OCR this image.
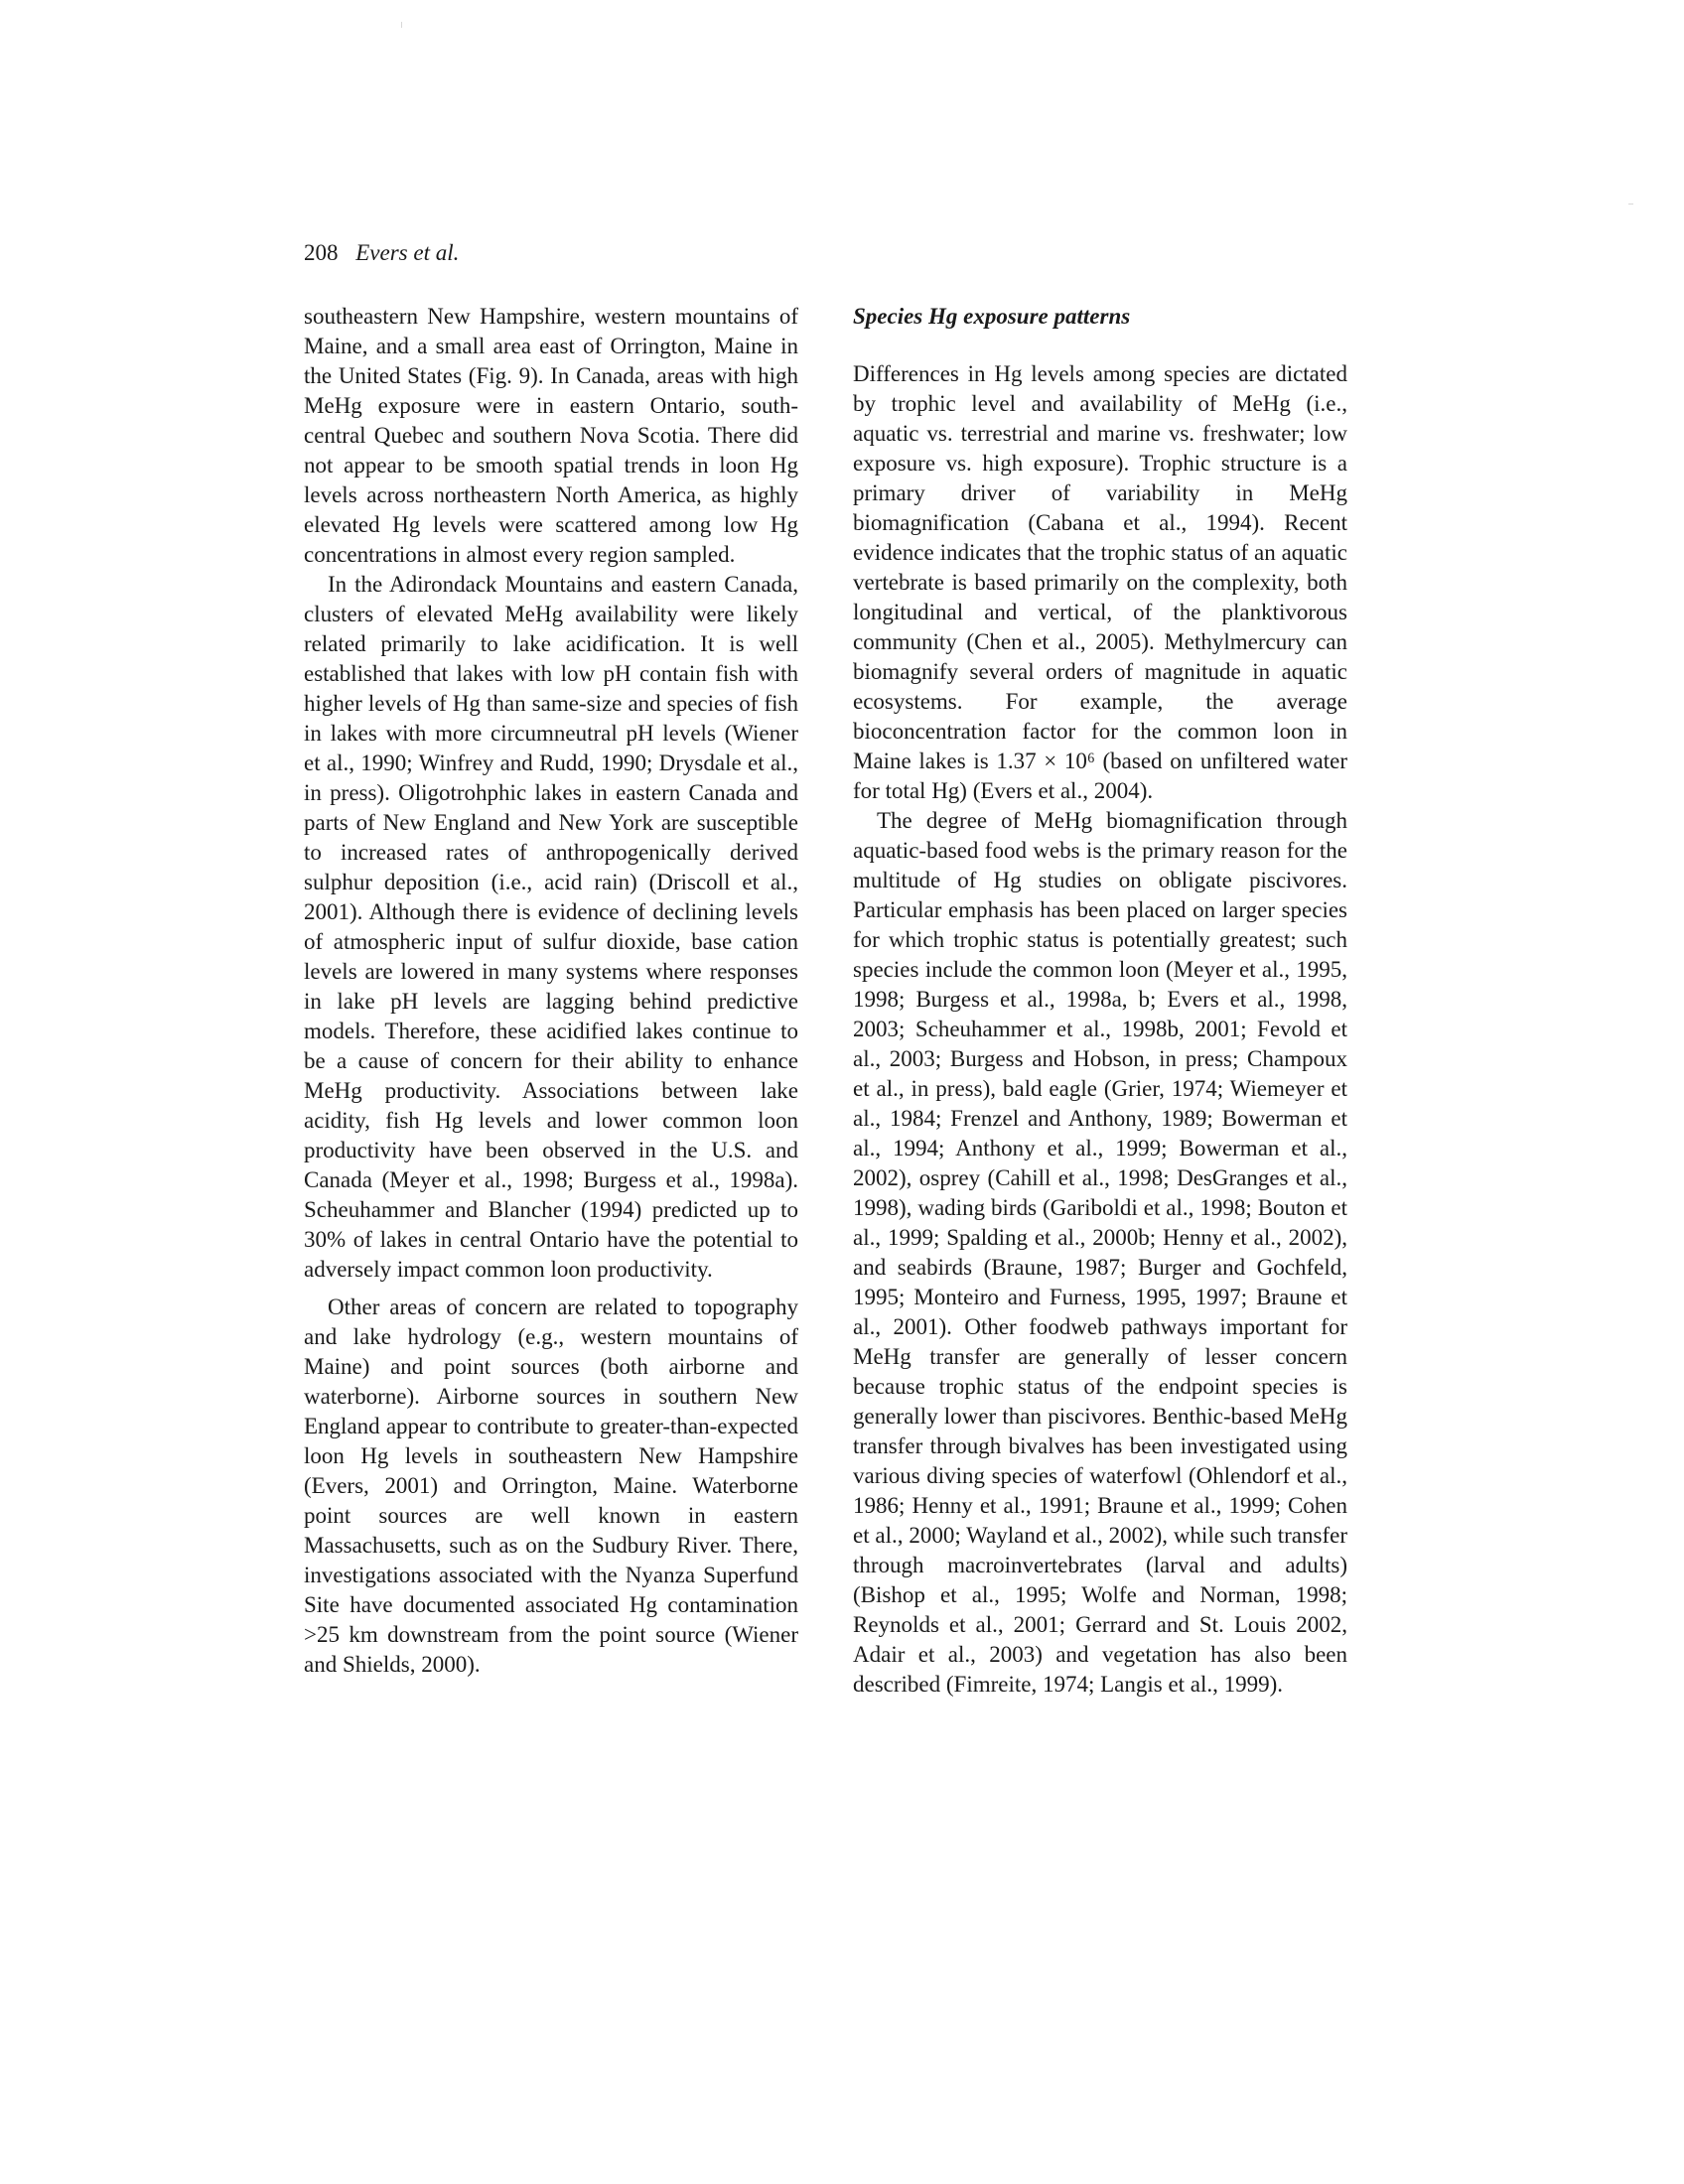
208 Evers et al.

southeastern New Hampshire, western mountains of Maine, and a small area east of Orrington, Maine in the United States (Fig. 9). In Canada, areas with high MeHg exposure were in eastern Ontario, south-central Quebec and southern Nova Scotia. There did not appear to be smooth spatial trends in loon Hg levels across northeastern North America, as highly elevated Hg levels were scattered among low Hg concentrations in almost every region sampled.

In the Adirondack Mountains and eastern Canada, clusters of elevated MeHg availability were likely related primarily to lake acidification. It is well established that lakes with low pH contain fish with higher levels of Hg than same-size and species of fish in lakes with more circumneutral pH levels (Wiener et al., 1990; Winfrey and Rudd, 1990; Drysdale et al., in press). Oligotrohphic lakes in eastern Canada and parts of New England and New York are susceptible to increased rates of anthropogenically derived sulphur deposition (i.e., acid rain) (Driscoll et al., 2001). Although there is evidence of declining levels of atmospheric input of sulfur dioxide, base cation levels are lowered in many systems where responses in lake pH levels are lagging behind predictive models. Therefore, these acidified lakes continue to be a cause of concern for their ability to enhance MeHg productivity. Associations between lake acidity, fish Hg levels and lower common loon productivity have been observed in the U.S. and Canada (Meyer et al., 1998; Burgess et al., 1998a). Scheuhammer and Blancher (1994) predicted up to 30% of lakes in central Ontario have the potential to adversely impact common loon productivity.

Other areas of concern are related to topography and lake hydrology (e.g., western mountains of Maine) and point sources (both airborne and waterborne). Airborne sources in southern New England appear to contribute to greater-than-expected loon Hg levels in southeastern New Hampshire (Evers, 2001) and Orrington, Maine. Waterborne point sources are well known in eastern Massachusetts, such as on the Sudbury River. There, investigations associated with the Nyanza Superfund Site have documented associated Hg contamination >25 km downstream from the point source (Wiener and Shields, 2000).

Species Hg exposure patterns

Differences in Hg levels among species are dictated by trophic level and availability of MeHg (i.e., aquatic vs. terrestrial and marine vs. freshwater; low exposure vs. high exposure). Trophic structure is a primary driver of variability in MeHg biomagnification (Cabana et al., 1994). Recent evidence indicates that the trophic status of an aquatic vertebrate is based primarily on the complexity, both longitudinal and vertical, of the planktivorous community (Chen et al., 2005). Methylmercury can biomagnify several orders of magnitude in aquatic ecosystems. For example, the average bioconcentration factor for the common loon in Maine lakes is 1.37 × 10⁶ (based on unfiltered water for total Hg) (Evers et al., 2004).

The degree of MeHg biomagnification through aquatic-based food webs is the primary reason for the multitude of Hg studies on obligate piscivores. Particular emphasis has been placed on larger species for which trophic status is potentially greatest; such species include the common loon (Meyer et al., 1995, 1998; Burgess et al., 1998a, b; Evers et al., 1998, 2003; Scheuhammer et al., 1998b, 2001; Fevold et al., 2003; Burgess and Hobson, in press; Champoux et al., in press), bald eagle (Grier, 1974; Wiemeyer et al., 1984; Frenzel and Anthony, 1989; Bowerman et al., 1994; Anthony et al., 1999; Bowerman et al., 2002), osprey (Cahill et al., 1998; DesGranges et al., 1998), wading birds (Gariboldi et al., 1998; Bouton et al., 1999; Spalding et al., 2000b; Henny et al., 2002), and seabirds (Braune, 1987; Burger and Gochfeld, 1995; Monteiro and Furness, 1995, 1997; Braune et al., 2001). Other foodweb pathways important for MeHg transfer are generally of lesser concern because trophic status of the endpoint species is generally lower than piscivores. Benthic-based MeHg transfer through bivalves has been investigated using various diving species of waterfowl (Ohlendorf et al., 1986; Henny et al., 1991; Braune et al., 1999; Cohen et al., 2000; Wayland et al., 2002), while such transfer through macroinvertebrates (larval and adults) (Bishop et al., 1995; Wolfe and Norman, 1998; Reynolds et al., 2001; Gerrard and St. Louis 2002, Adair et al., 2003) and vegetation has also been described (Fimreite, 1974; Langis et al., 1999).
